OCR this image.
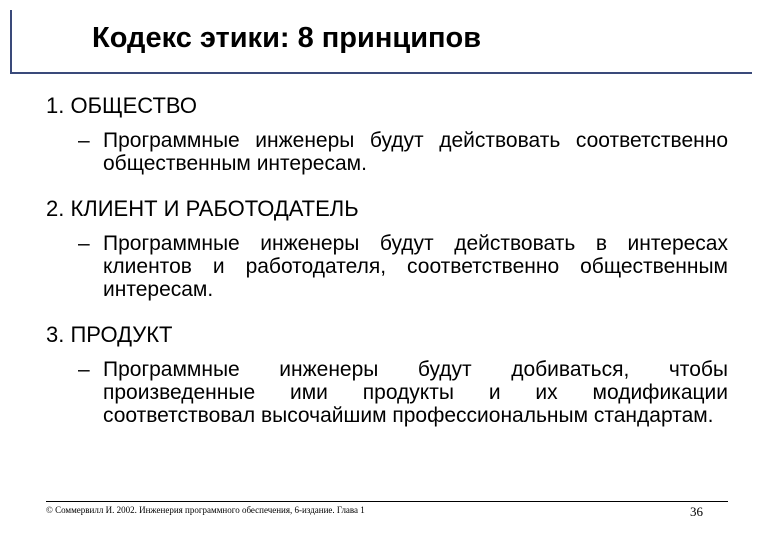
Кодекс этики: 8 принципов
1. ОБЩЕСТВО
– Программные инженеры будут действовать соответственно общественным интересам.
2. КЛИЕНТ И РАБОТОДАТЕЛЬ
– Программные инженеры будут действовать в интересах клиентов и работодателя, соответственно общественным интересам.
3. ПРОДУКТ
– Программные инженеры будут добиваться, чтобы произведенные ими продукты и их модификации соответствовал высочайшим профессиональным стандартам.
© Соммервилл И. 2002. Инженерия программного обеспечения, 6-издание. Глава 1	36
